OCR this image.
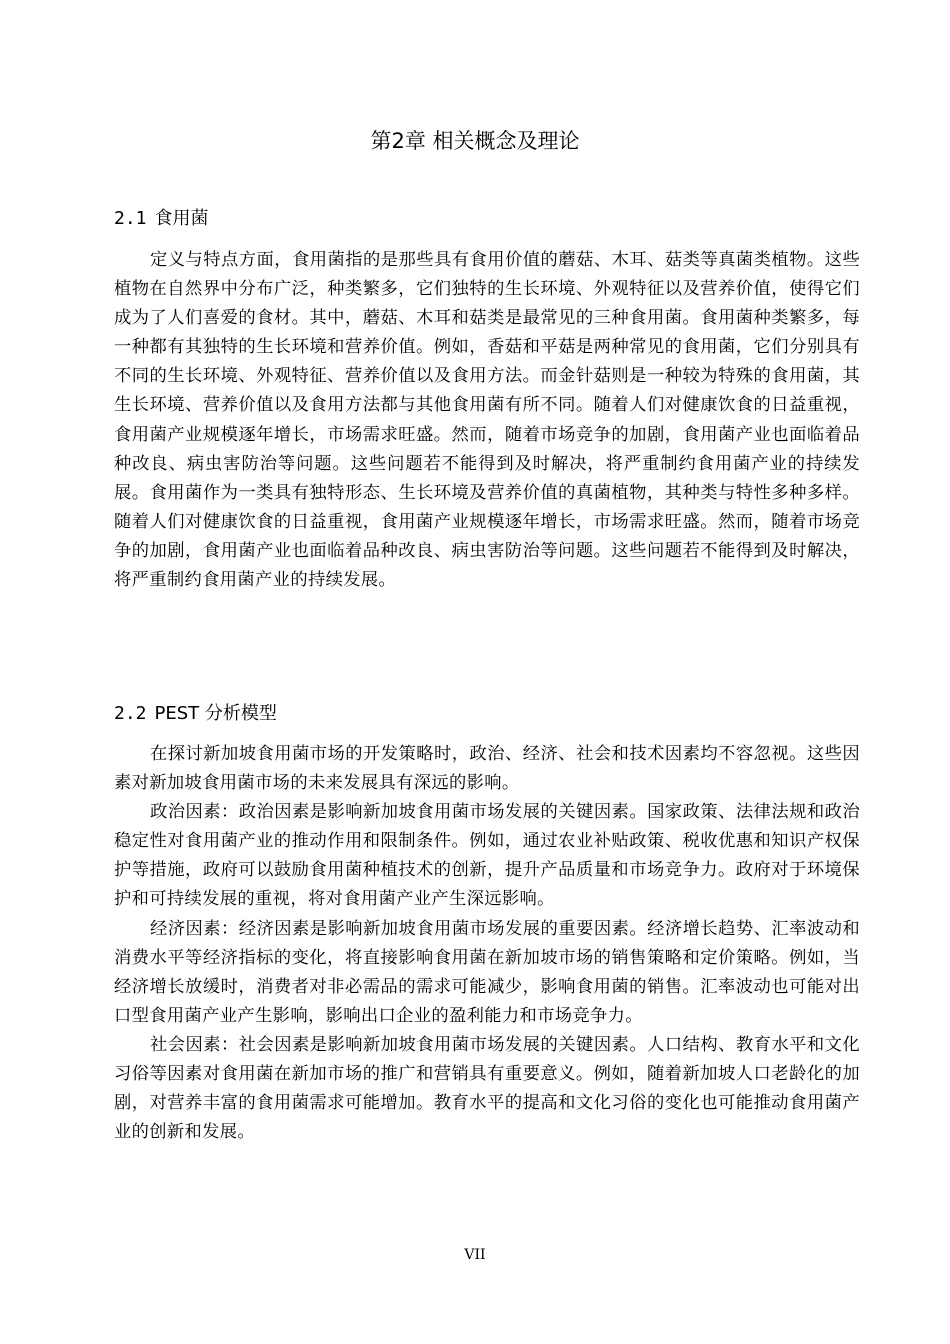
第2章 相关概念及理论
2.1 食用菌

定义与特点方面，食用菌指的是那些具有食用价值的蘑菇、木耳、菇类等真菌类植物。这些植物在自然界中分布广泛，种类繁多，它们独特的生长环境、外观特征以及营养价值，使得它们成为了人们喜爱的食材。其中，蘑菇、木耳和菇类是最常见的三种食用菌。食用菌种类繁多，每一种都有其独特的生长环境和营养价值。例如，香菇和平菇是两种常见的食用菌，它们分别具有不同的生长环境、外观特征、营养价值以及食用方法。而金针菇则是一种较为特殊的食用菌，其生长环境、营养价值以及食用方法都与其他食用菌有所不同。随着人们对健康饮食的日益重视，食用菌产业规模逐年增长，市场需求旺盛。然而，随着市场竞争的加剧，食用菌产业也面临着品种改良、病虫害防治等问题。这些问题若不能得到及时解决，将严重制约食用菌产业的持续发展。食用菌作为一类具有独特形态、生长环境及营养价值的真菌植物，其种类与特性多种多样。随着人们对健康饮食的日益重视，食用菌产业规模逐年增长，市场需求旺盛。然而，随着市场竞争的加剧，食用菌产业也面临着品种改良、病虫害防治等问题。这些问题若不能得到及时解决，将严重制约食用菌产业的持续发展。

2.2 PEST 分析模型

在探讨新加坡食用菌市场的开发策略时，政治、经济、社会和技术因素均不容忽视。这些因素对新加坡食用菌市场的未来发展具有深远的影响。

政治因素：政治因素是影响新加坡食用菌市场发展的关键因素。国家政策、法律法规和政治稳定性对食用菌产业的推动作用和限制条件。例如，通过农业补贴政策、税收优惠和知识产权保护等措施，政府可以鼓励食用菌种植技术的创新，提升产品质量和市场竞争力。政府对于环境保护和可持续发展的重视，将对食用菌产业产生深远影响。

经济因素：经济因素是影响新加坡食用菌市场发展的重要因素。经济增长趋势、汇率波动和消费水平等经济指标的变化，将直接影响食用菌在新加坡市场的销售策略和定价策略。例如，当经济增长放缓时，消费者对非必需品的需求可能减少，影响食用菌的销售。汇率波动也可能对出口型食用菌产业产生影响，影响出口企业的盈利能力和市场竞争力。

社会因素：社会因素是影响新加坡食用菌市场发展的关键因素。人口结构、教育水平和文化习俗等因素对食用菌在新加市场的推广和营销具有重要意义。例如，随着新加坡人口老龄化的加剧，对营养丰富的食用菌需求可能增加。教育水平的提高和文化习俗的变化也可能推动食用菌产业的创新和发展。

VII
